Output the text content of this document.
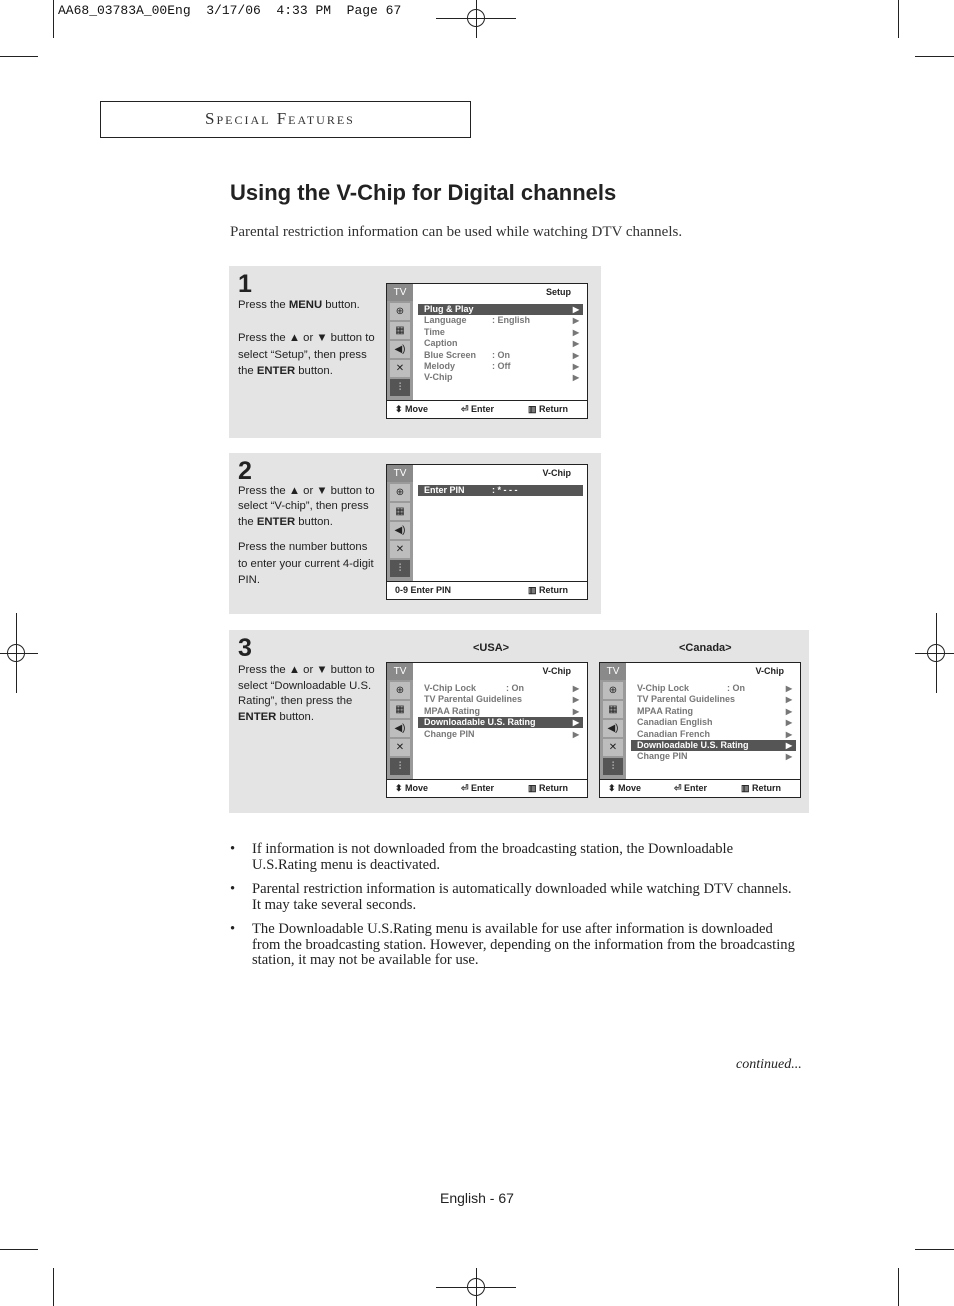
AA68_03783A_00Eng  3/17/06  4:33 PM  Page 67
Special Features
Using the V-Chip for Digital channels
Parental restriction information can be used while watching DTV channels.
1
Press the MENU button.
Press the ▲ or ▼ button to select “Setup”, then press the ENTER button.
TV
⊕
▦
◀)
✕
⫶
Setup
Plug & Play	▶
Language	: English	▶
Time	▶
Caption	▶
Blue Screen : On	▶
Melody	: Off	▶
V-Chip	▶
⬍ Move	⏎ Enter	▥ Return
2
Press the ▲ or ▼ button to select “V-chip”, then press the ENTER button.
Press the number buttons to enter your current 4-digit PIN.
TV
⊕
▦
◀)
✕
⫶
V-Chip
Enter PIN	: * - - -
0-9 Enter PIN	▥ Return
3
Press the ▲ or ▼ button to select “Downloadable U.S. Rating”, then press the ENTER button.
<USA>	<Canada>
TV
⊕
▦
◀)
✕
⫶
V-Chip
V-Chip Lock	: On	▶
TV Parental Guidelines	▶
MPAA Rating	▶
Downloadable U.S. Rating	▶
Change PIN	▶
⬍ Move	⏎ Enter	▥ Return
TV
⊕
▦
◀)
✕
⫶
V-Chip
V-Chip Lock	: On	▶
TV Parental Guidelines	▶
MPAA Rating	▶
Canadian English	▶
Canadian French	▶
Downloadable U.S. Rating	▶
Change PIN	▶
⬍ Move	⏎ Enter	▥ Return
• If information is not downloaded from the broadcasting station, the Downloadable U.S.Rating menu is deactivated.
• Parental restriction information is automatically downloaded while watching DTV channels. It may take several seconds.
• The Downloadable U.S.Rating menu is available for use after information is downloaded from the broadcasting station. However, depending on the information from the broadcasting station, it may not be available for use.
continued...
English - 67
